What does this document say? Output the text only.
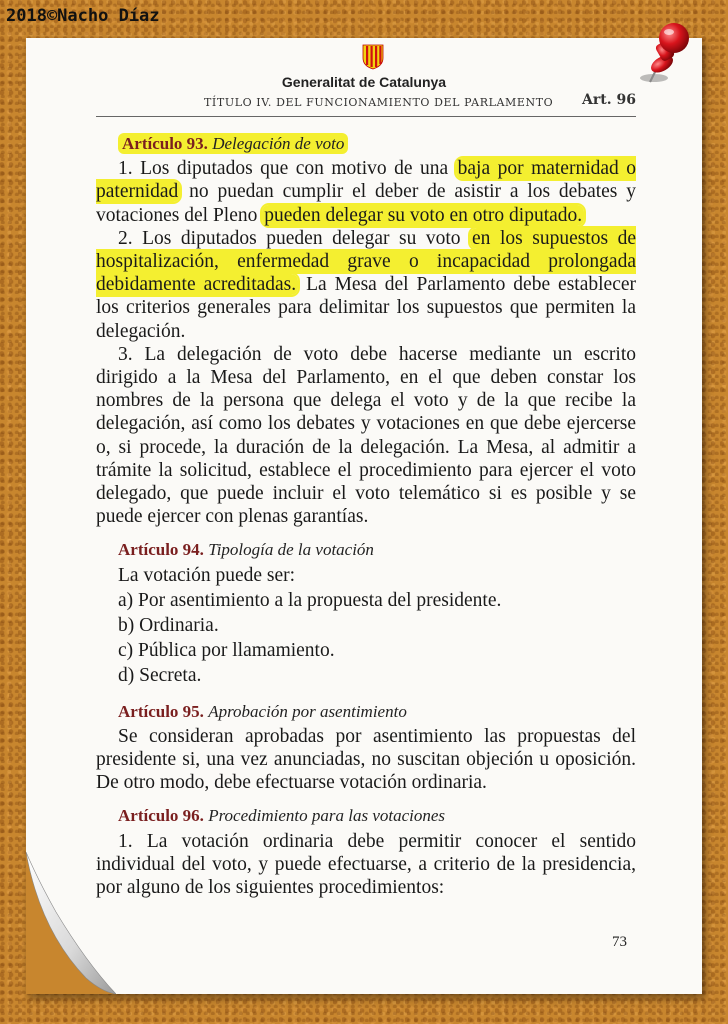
2018©Nacho Díaz
Generalitat de Catalunya
TÍTULO IV. DEL FUNCIONAMIENTO DEL PARLAMENTO Art. 96
Artículo 93. Delegación de voto

1. Los diputados que con motivo de una baja por maternidad o paternidad no puedan cumplir el deber de asistir a los debates y votaciones del Pleno pueden delegar su voto en otro diputado.

2. Los diputados pueden delegar su voto en los supuestos de hospitalización, enfermedad grave o incapacidad prolongada debidamente acreditadas. La Mesa del Parlamento debe establecer los criterios generales para delimitar los supuestos que permiten la delegación.

3. La delegación de voto debe hacerse mediante un escrito dirigido a la Mesa del Parlamento, en el que deben constar los nombres de la persona que delega el voto y de la que recibe la delegación, así como los debates y votaciones en que debe ejercerse o, si procede, la duración de la delegación. La Mesa, al admitir a trámite la solicitud, establece el procedimiento para ejercer el voto delegado, que puede incluir el voto telemático si es posible y se puede ejercer con plenas garantías.

Artículo 94. Tipología de la votación

La votación puede ser:

a) Por asentimiento a la propuesta del presidente.

b) Ordinaria.

c) Pública por llamamiento.

d) Secreta.

Artículo 95. Aprobación por asentimiento

Se consideran aprobadas por asentimiento las propuestas del presidente si, una vez anunciadas, no suscitan objeción u oposición. De otro modo, debe efectuarse votación ordinaria.

Artículo 96. Procedimiento para las votaciones

1. La votación ordinaria debe permitir conocer el sentido individual del voto, y puede efectuarse, a criterio de la presidencia, por alguno de los siguientes procedimientos:

73
